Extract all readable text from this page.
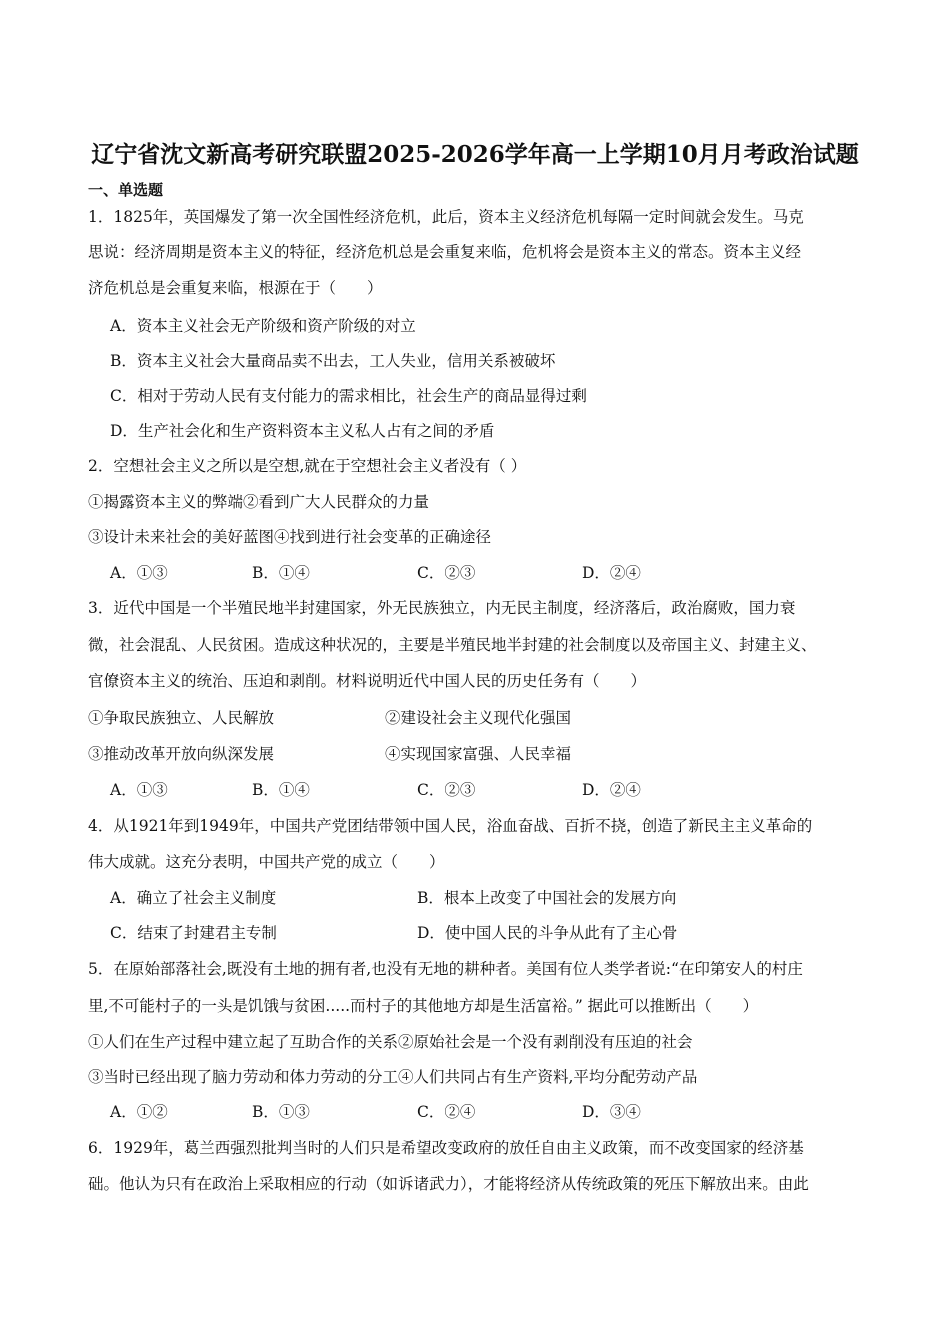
辽宁省沈文新高考研究联盟2025-2026学年高一上学期10月月考政治试题
一、单选题
1．1825年，英国爆发了第一次全国性经济危机，此后，资本主义经济危机每隔一定时间就会发生。马克
思说：经济周期是资本主义的特征，经济危机总是会重复来临，危机将会是资本主义的常态。资本主义经
济危机总是会重复来临，根源在于（　　）
A．资本主义社会无产阶级和资产阶级的对立
B．资本主义社会大量商品卖不出去，工人失业，信用关系被破坏
C．相对于劳动人民有支付能力的需求相比，社会生产的商品显得过剩
D．生产社会化和生产资料资本主义私人占有之间的矛盾
2．空想社会主义之所以是空想,就在于空想社会主义者没有（ ）
①揭露资本主义的弊端②看到广大人民群众的力量
③设计未来社会的美好蓝图④找到进行社会变革的正确途径
A．①③	B．①④	C．②③	D．②④
3．近代中国是一个半殖民地半封建国家，外无民族独立，内无民主制度，经济落后，政治腐败，国力衰
微，社会混乱、人民贫困。造成这种状况的，主要是半殖民地半封建的社会制度以及帝国主义、封建主义、
官僚资本主义的统治、压迫和剥削。材料说明近代中国人民的历史任务有（　　）
①争取民族独立、人民解放	②建设社会主义现代化强国
③推动改革开放向纵深发展	④实现国家富强、人民幸福
A．①③	B．①④	C．②③	D．②④
4．从1921年到1949年，中国共产党团结带领中国人民，浴血奋战、百折不挠，创造了新民主主义革命的
伟大成就。这充分表明，中国共产党的成立（　　）
A．确立了社会主义制度	B．根本上改变了中国社会的发展方向
C．结束了封建君主专制	D．使中国人民的斗争从此有了主心骨
5．在原始部落社会,既没有土地的拥有者,也没有无地的耕种者。美国有位人类学者说:“在印第安人的村庄
里,不可能村子的一头是饥饿与贫困.....而村子的其他地方却是生活富裕。” 据此可以推断出（　　）
①人们在生产过程中建立起了互助合作的关系②原始社会是一个没有剥削没有压迫的社会
③当时已经出现了脑力劳动和体力劳动的分工④人们共同占有生产资料,平均分配劳动产品
A．①②	B．①③	C．②④	D．③④
6．1929年，葛兰西强烈批判当时的人们只是希望改变政府的放任自由主义政策，而不改变国家的经济基
础。他认为只有在政治上采取相应的行动（如诉诸武力），才能将经济从传统政策的死压下解放出来。由此
